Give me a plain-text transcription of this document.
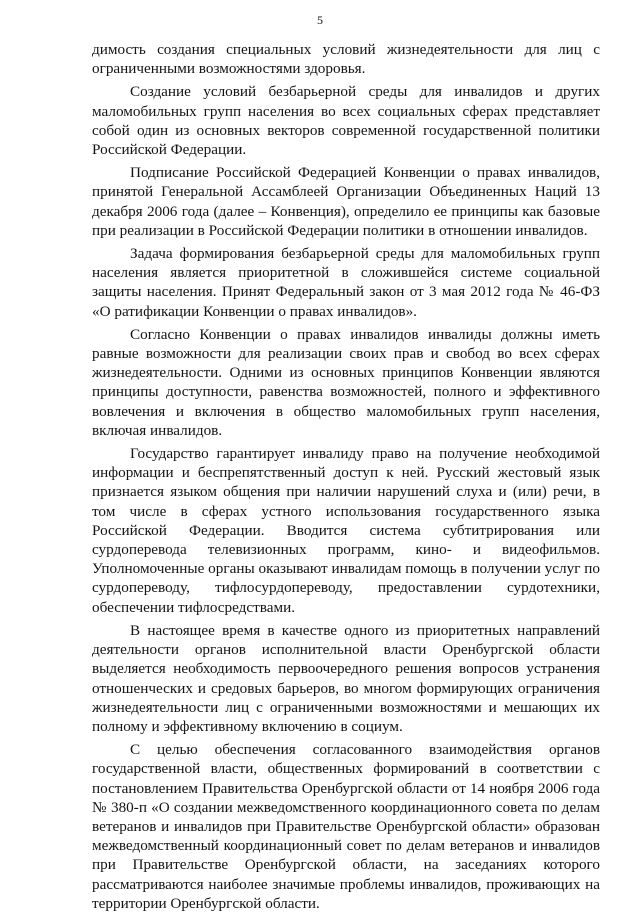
5

димость создания специальных условий жизнедеятельности для лиц с ограниченными возможностями здоровья.

Создание условий безбарьерной среды для инвалидов и других маломобильных групп населения во всех социальных сферах представляет собой один из основных векторов современной государственной политики Российской Федерации.

Подписание Российской Федерацией Конвенции о правах инвалидов, принятой Генеральной Ассамблеей Организации Объединенных Наций 13 декабря 2006 года (далее – Конвенция), определило ее принципы как базовые при реализации в Российской Федерации политики в отношении инвалидов.

Задача формирования безбарьерной среды для маломобильных групп населения является приоритетной в сложившейся системе социальной защиты населения. Принят Федеральный закон от 3 мая 2012 года № 46-ФЗ «О ратификации Конвенции о правах инвалидов».

Согласно Конвенции о правах инвалидов инвалиды должны иметь равные возможности для реализации своих прав и свобод во всех сферах жизнедеятельности. Одними из основных принципов Конвенции являются принципы доступности, равенства возможностей, полного и эффективного вовлечения и включения в общество маломобильных групп населения, включая инвалидов.

Государство гарантирует инвалиду право на получение необходимой информации и беспрепятственный доступ к ней. Русский жестовый язык признается языком общения при наличии нарушений слуха и (или) речи, в том числе в сферах устного использования государственного языка Российской Федерации. Вводится система субтитрирования или сурдоперевода телевизионных программ, кино- и видеофильмов. Уполномоченные органы оказывают инвалидам помощь в получении услуг по сурдопереводу, тифлосурдопереводу, предоставлении сурдотехники, обеспечении тифлосредствами.

В настоящее время в качестве одного из приоритетных направлений деятельности органов исполнительной власти Оренбургской области выделяется необходимость первоочередного решения вопросов устранения отношенческих и средовых барьеров, во многом формирующих ограничения жизнедеятельности лиц с ограниченными возможностями и мешающих их полному и эффективному включению в социум.

С целью обеспечения согласованного взаимодействия органов государственной власти, общественных формирований в соответствии с постановлением Правительства Оренбургской области от 14 ноября 2006 года № 380-п «О создании межведомственного координационного совета по делам ветеранов и инвалидов при Правительстве Оренбургской области» образован межведомственный координационный совет по делам ветеранов и инвалидов при Правительстве Оренбургской области, на заседаниях которого рассматриваются наиболее значимые проблемы инвалидов, проживающих на территории Оренбургской области.
